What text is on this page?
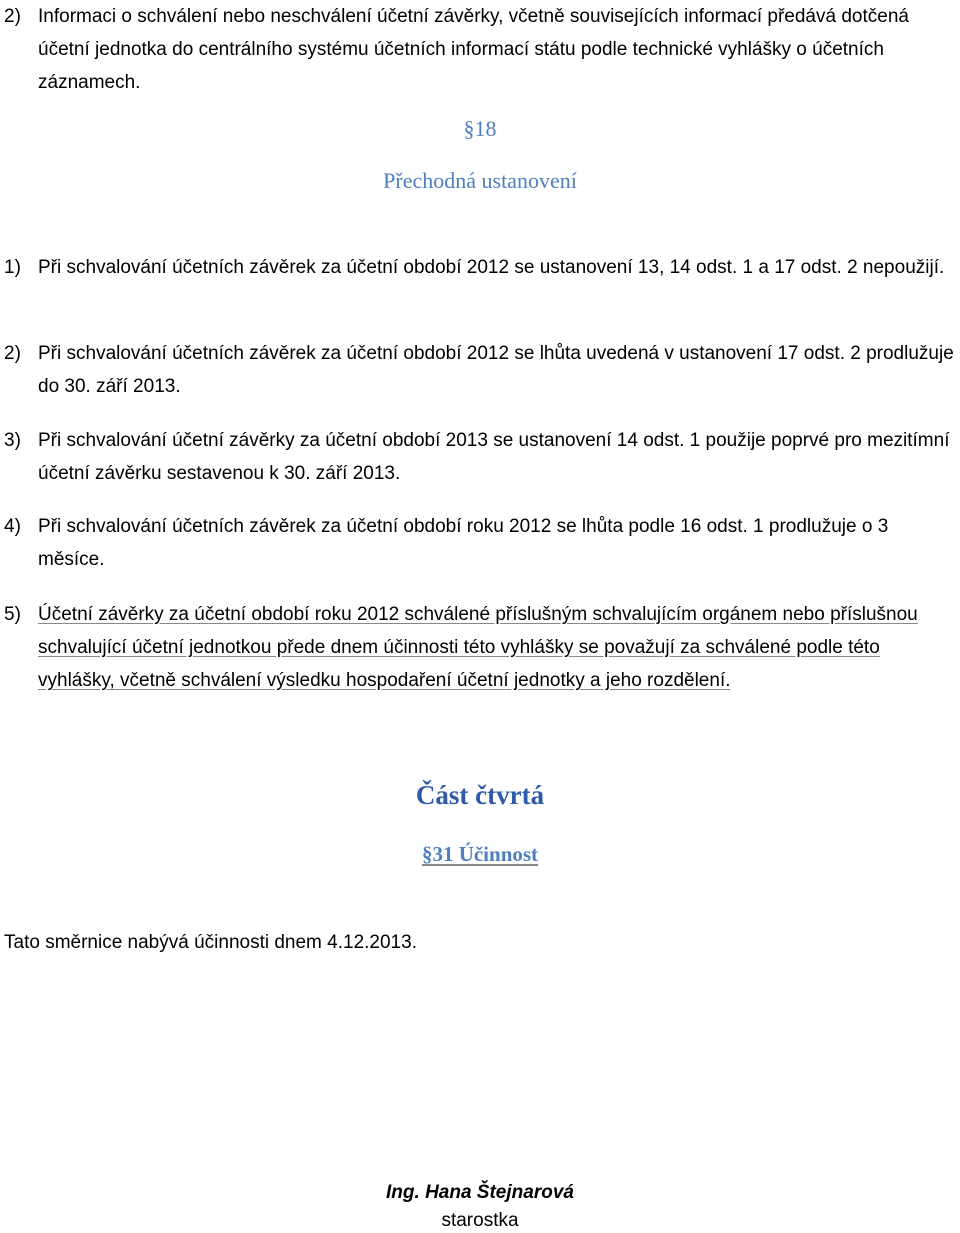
2) Informaci o schválení nebo neschválení účetní závěrky, včetně souvisejících informací předává dotčená účetní jednotka do centrálního systému účetních informací státu podle technické vyhlášky o účetních záznamech.
§18
Přechodná ustanovení
1) Při schvalování účetních závěrek za účetní období 2012 se ustanovení 13, 14 odst. 1 a 17 odst. 2 nepoužijí.
2) Při schvalování účetních závěrek za účetní období 2012 se lhůta uvedená v ustanovení 17 odst. 2 prodlužuje do 30. září 2013.
3) Při schvalování účetní závěrky za účetní období 2013 se ustanovení 14 odst. 1 použije poprvé pro mezitímní účetní závěrku sestavenou k 30. září 2013.
4) Při schvalování účetních závěrek za účetní období roku 2012 se lhůta podle 16 odst. 1 prodlužuje o 3 měsíce.
5) Účetní závěrky za účetní období roku 2012 schválené příslušným schvalujícím orgánem nebo příslušnou schvalující účetní jednotkou přede dnem účinnosti této vyhlášky se považují za schválené podle této vyhlášky, včetně schválení výsledku hospodaření účetní jednotky a jeho rozdělení.
Část čtvrtá
§31 Účinnost
Tato směrnice nabývá účinnosti dnem 4.12.2013.
Ing. Hana Štejnarová
starostka
